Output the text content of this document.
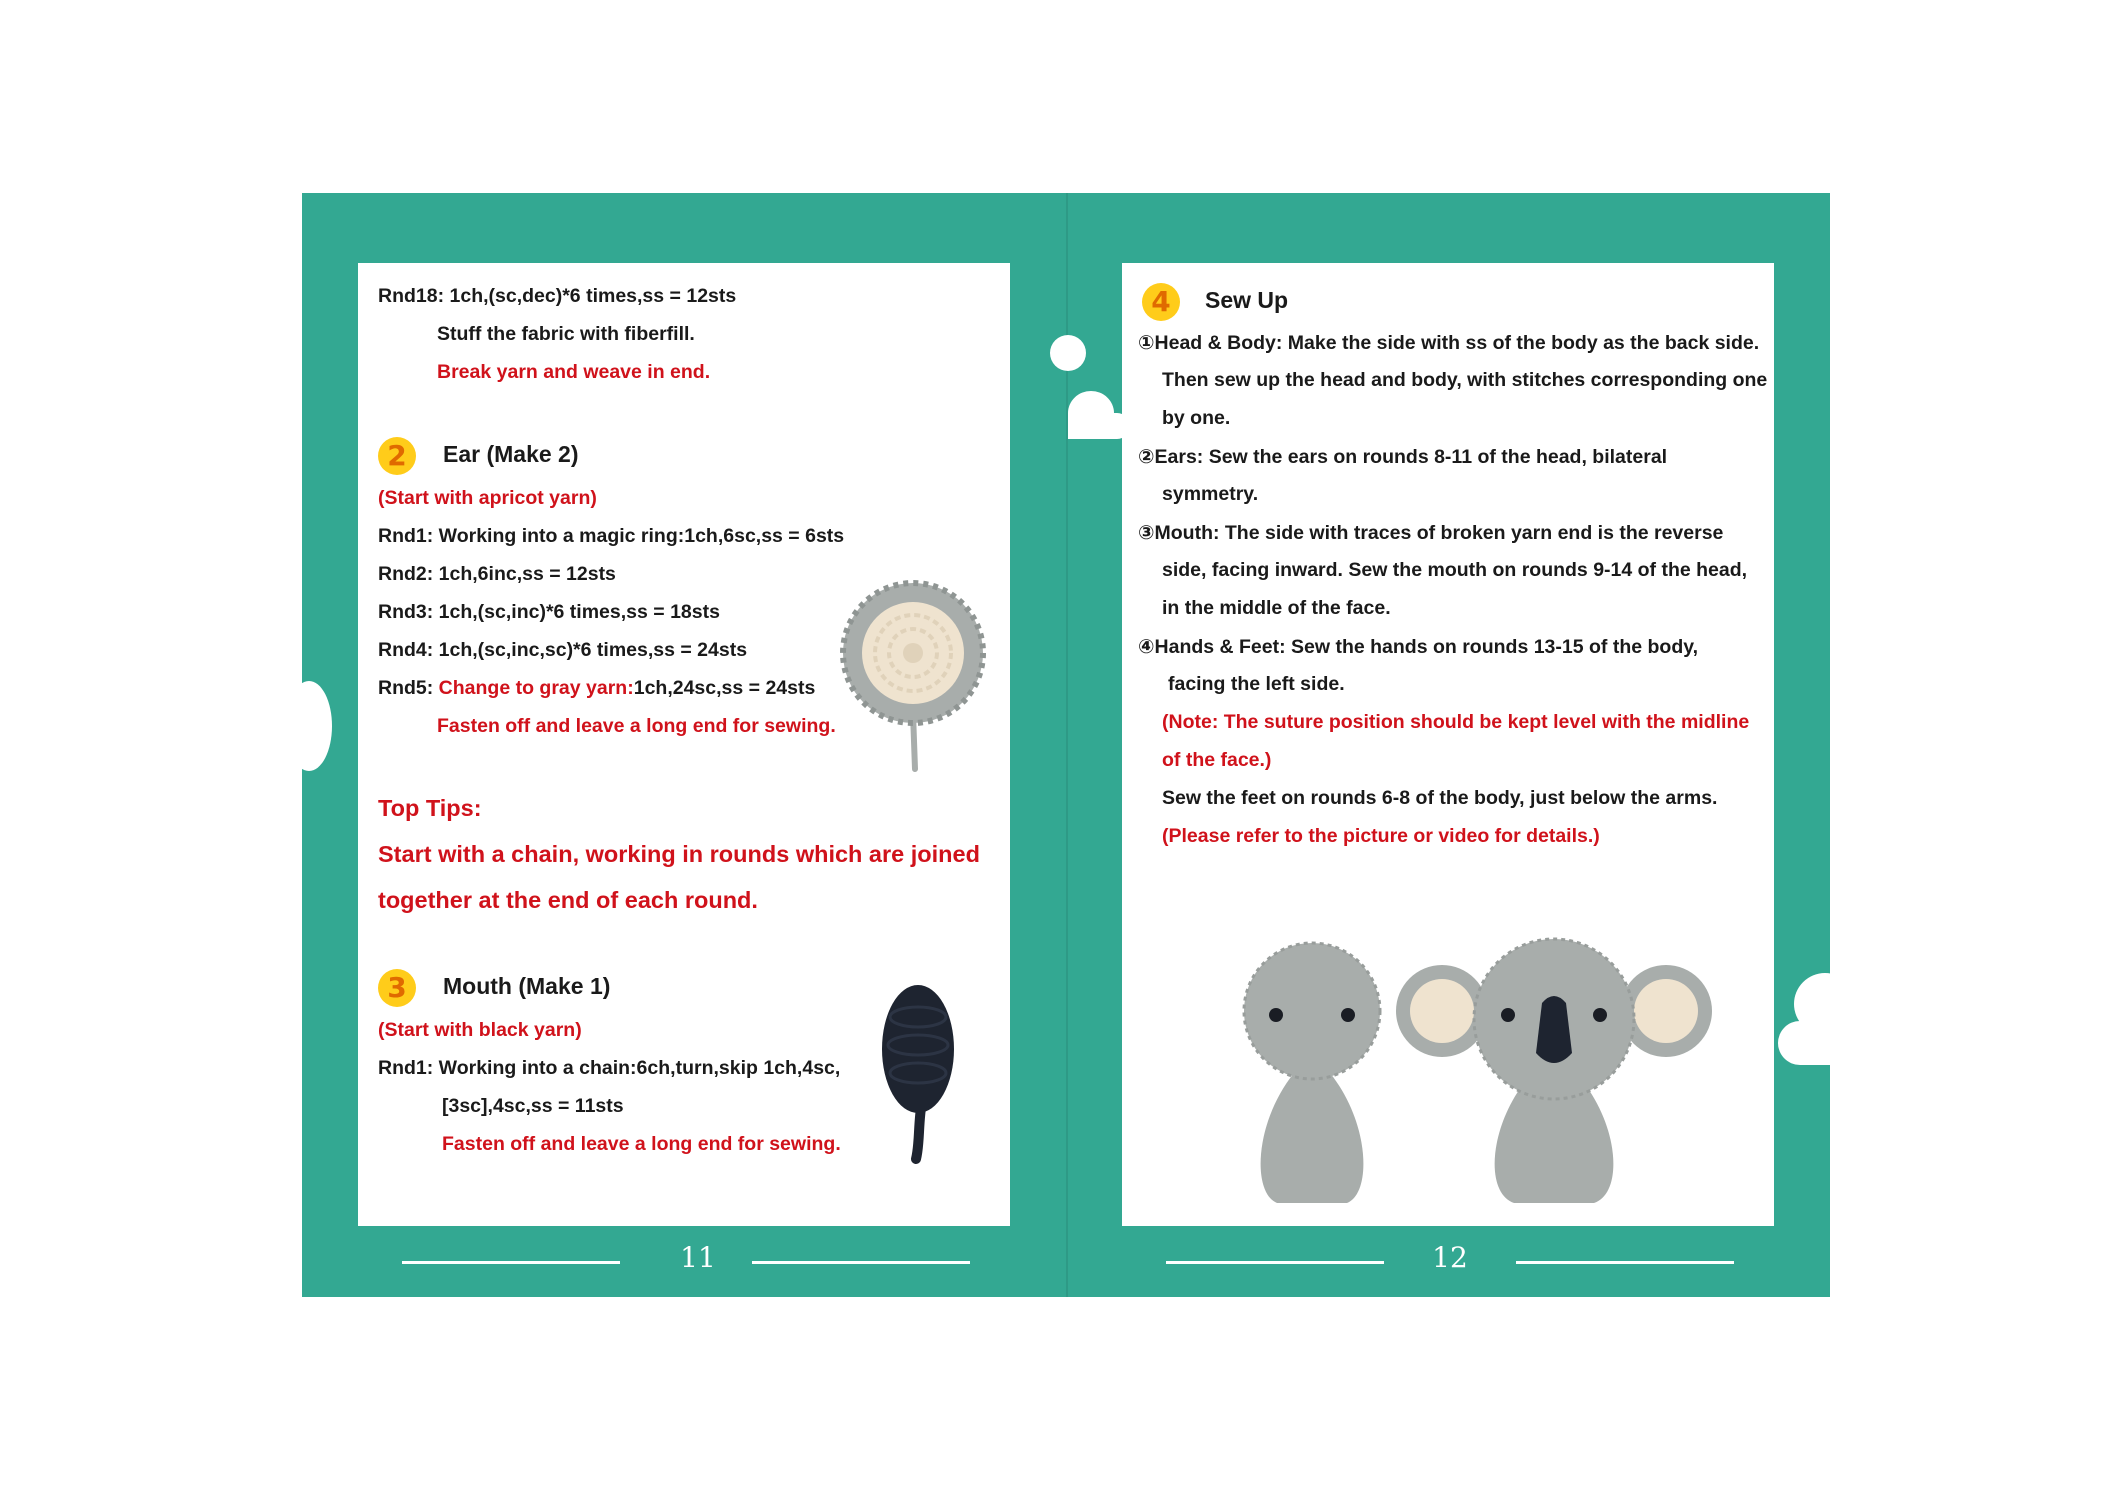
Rnd18: 1ch,(sc,dec)*6 times,ss = 12sts
Stuff the fabric with fiberfill.
Break yarn and weave in end.
2	Ear (Make 2)
(Start with apricot yarn)
Rnd1: Working into a magic ring:1ch,6sc,ss = 6sts
Rnd2: 1ch,6inc,ss = 12sts
Rnd3: 1ch,(sc,inc)*6 times,ss = 18sts
Rnd4: 1ch,(sc,inc,sc)*6 times,ss = 24sts
Rnd5: Change to gray yarn:1ch,24sc,ss = 24sts
Fasten off and leave a long end for sewing.
Top Tips:
Start with a chain, working in rounds which are joined
together at the end of each round.
3	Mouth (Make 1)
(Start with black yarn)
Rnd1: Working into a chain:6ch,turn,skip 1ch,4sc,
[3sc],4sc,ss = 11sts
Fasten off and leave a long end for sewing.
4	Sew Up
①Head & Body: Make the side with ss of the body as the back side.
Then sew up the head and body, with stitches corresponding one
by one.
②Ears: Sew the ears on rounds 8-11 of the head, bilateral
symmetry.
③Mouth: The side with traces of broken yarn end is the reverse
side, facing inward. Sew the mouth on rounds 9-14 of the head,
in the middle of the face.
④Hands & Feet: Sew the hands on rounds 13-15 of the body,
facing the left side.
(Note: The suture position should be kept level with the midline
of the face.)
Sew the feet on rounds 6-8 of the body, just below the arms.
(Please refer to the picture or video for details.)
11	12
